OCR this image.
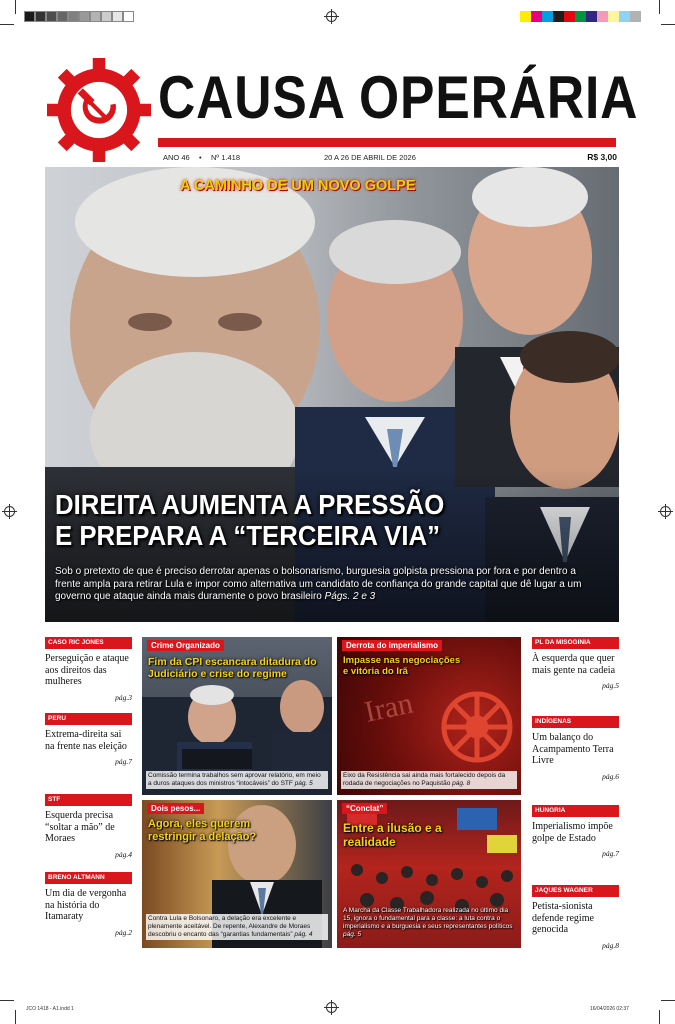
JCO 1418 - A1.indd 1	16/04/2026 02:37
CAUSA OPERÁRIA
ANO 46 • Nº 1.418	20 A 26 DE ABRIL DE 2026	R$ 3,00
A CAMINHO DE UM NOVO GOLPE
DIREITA AUMENTA A PRESSÃO
E PREPARA A “TERCEIRA VIA”
Sob o pretexto de que é preciso derrotar apenas o bolsonarismo, burguesia golpista pressiona por fora e por dentro a frente ampla para retirar Lula e impor como alternativa um candidato de confiança do grande capital que dê lugar a um governo que ataque ainda mais duramente o povo brasileiro Págs. 2 e 3
CASO RIC JONES
Perseguição e ataque aos direitos das mulheres
pág.3
PERU
Extrema-direita sai na frente nas eleição
pág.7
STF
Esquerda precisa “soltar a mão” de Moraes
pág.4
BRENO ALTMANN
Um dia de vergonha na história do Itamaraty
pág.2
PL DA MISOGINIA
À esquerda que quer mais gente na cadeia
pág.5
INDÍGENAS
Um balanço do Acampamento Terra Livre
pág.6
HUNGRIA
Imperialismo impõe golpe de Estado
pág.7
JAQUES WAGNER
Petista-sionista defende regime genocida
pág.8
Crime Organizado
Fim da CPI escancara ditadura do Judiciário e crise do regime
Comissão termina trabalhos sem aprovar relatório, em meio a duros ataques dos ministros “intocáveis” do STF pág. 5
Iran
Derrota do imperialismo
Impasse nas negociações e vitória do Irã
Eixo da Resistência sai ainda mais fortalecido depois da rodada de negociações no Paquistão pág. 8
Dois pesos...
Agora, eles querem restringir a delação?
Contra Lula e Bolsonaro, a delação era excelente e plenamente aceitável. De repente, Alexandre de Moraes descobriu o encanto das “garantias fundamentais” pág. 4
“Conclat”
Entre a ilusão e a realidade
A Marcha da Classe Trabalhadora realizada no último dia 15, ignora o fundamental para a classe: a luta contra o imperialismo e a burguesia e seus representantes políticos pág. 5
